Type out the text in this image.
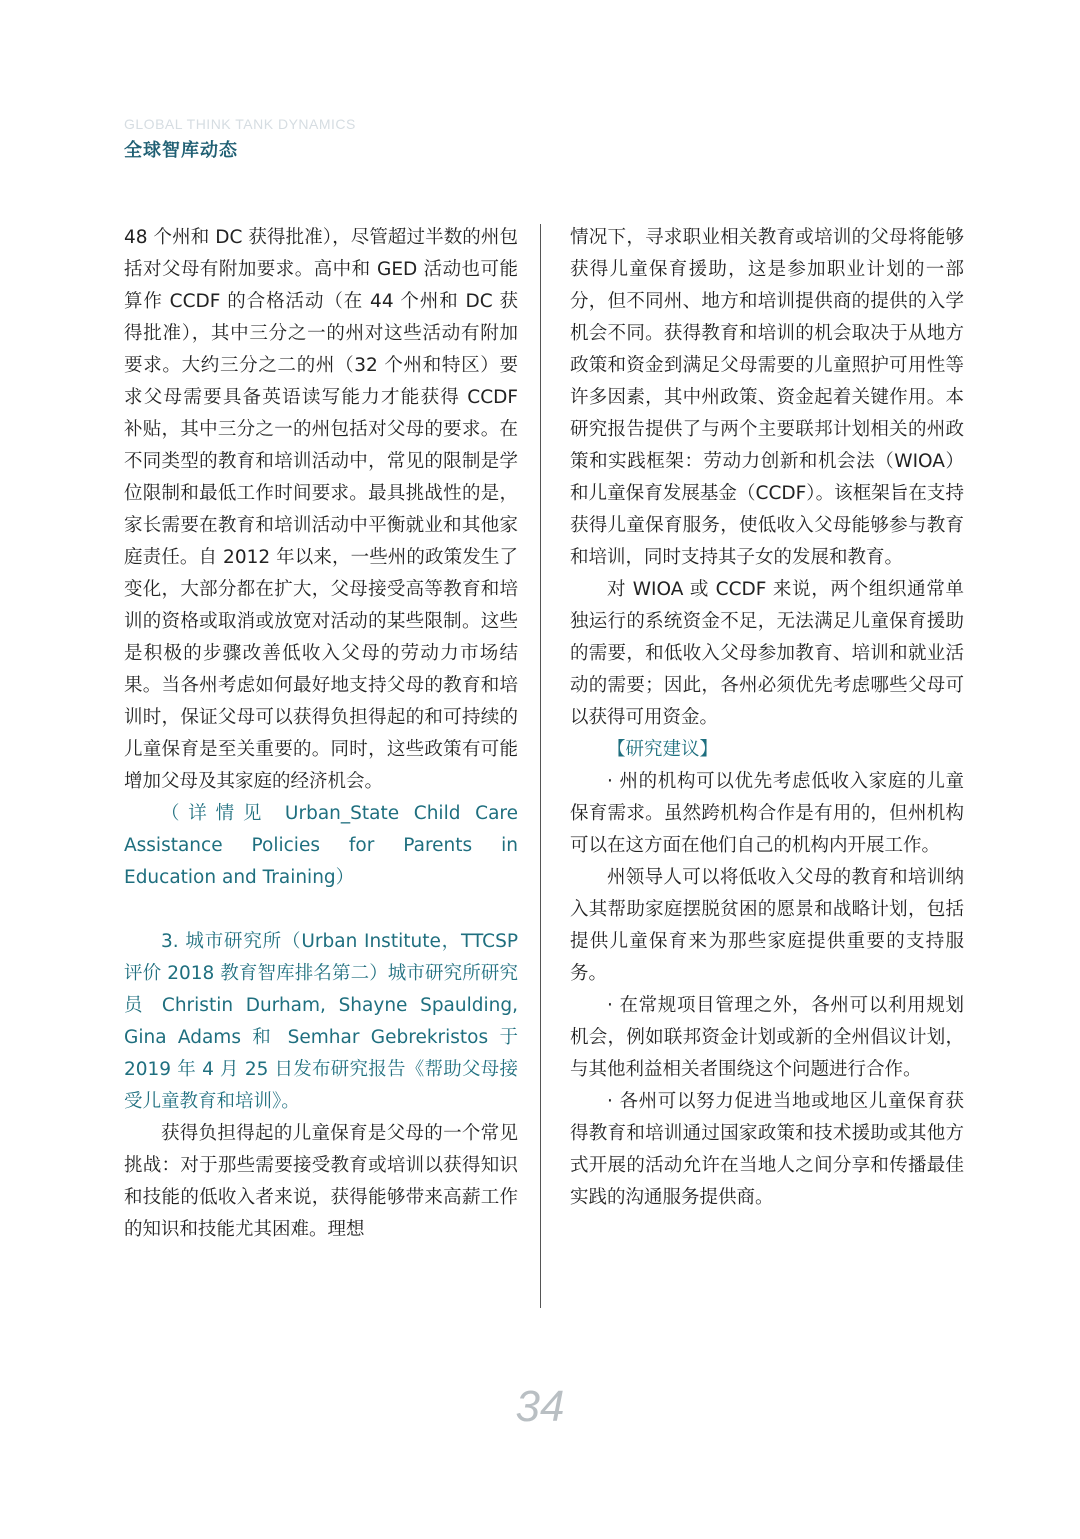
GLOBAL THINK TANK DYNAMICS
全球智库动态

48 个州和 DC 获得批准），尽管超过半数的州包括对父母有附加要求。高中和 GED 活动也可能算作 CCDF 的合格活动（在 44 个州和 DC 获得批准），其中三分之一的州对这些活动有附加要求。大约三分之二的州（32 个州和特区）要求父母需要具备英语读写能力才能获得 CCDF 补贴，其中三分之一的州包括对父母的要求。在不同类型的教育和培训活动中，常见的限制是学位限制和最低工作时间要求。最具挑战性的是，家长需要在教育和培训活动中平衡就业和其他家庭责任。自 2012 年以来，一些州的政策发生了变化，大部分都在扩大，父母接受高等教育和培训的资格或取消或放宽对活动的某些限制。这些是积极的步骤改善低收入父母的劳动力市场结果。当各州考虑如何最好地支持父母的教育和培训时，保证父母可以获得负担得起的和可持续的儿童保育是至关重要的。同时，这些政策有可能增加父母及其家庭的经济机会。

（详情见 Urban_State Child Care Assistance Policies for Parents in Education and Training）

3. 城市研究所（Urban Institute，TTCSP 评价 2018 教育智库排名第二）城市研究所研究员 Christin Durham, Shayne Spaulding, Gina Adams 和 Semhar Gebrekristos 于 2019 年 4 月 25 日发布研究报告《帮助父母接受儿童教育和培训》。

获得负担得起的儿童保育是父母的一个常见挑战：对于那些需要接受教育或培训以获得知识和技能的低收入者来说，获得能够带来高薪工作的知识和技能尤其困难。理想

情况下，寻求职业相关教育或培训的父母将能够获得儿童保育援助，这是参加职业计划的一部分，但不同州、地方和培训提供商的提供的入学机会不同。获得教育和培训的机会取决于从地方政策和资金到满足父母需要的儿童照护可用性等许多因素，其中州政策、资金起着关键作用。本研究报告提供了与两个主要联邦计划相关的州政策和实践框架：劳动力创新和机会法（WIOA）和儿童保育发展基金（CCDF）。该框架旨在支持获得儿童保育服务，使低收入父母能够参与教育和培训，同时支持其子女的发展和教育。

对 WIOA 或 CCDF 来说，两个组织通常单独运行的系统资金不足，无法满足儿童保育援助的需要，和低收入父母参加教育、培训和就业活动的需要；因此，各州必须优先考虑哪些父母可以获得可用资金。

【研究建议】

· 州的机构可以优先考虑低收入家庭的儿童保育需求。虽然跨机构合作是有用的，但州机构可以在这方面在他们自己的机构内开展工作。

州领导人可以将低收入父母的教育和培训纳入其帮助家庭摆脱贫困的愿景和战略计划，包括提供儿童保育来为那些家庭提供重要的支持服务。

· 在常规项目管理之外，各州可以利用规划机会，例如联邦资金计划或新的全州倡议计划，与其他利益相关者围绕这个问题进行合作。

· 各州可以努力促进当地或地区儿童保育获得教育和培训通过国家政策和技术援助或其他方式开展的活动允许在当地人之间分享和传播最佳实践的沟通服务提供商。

34
